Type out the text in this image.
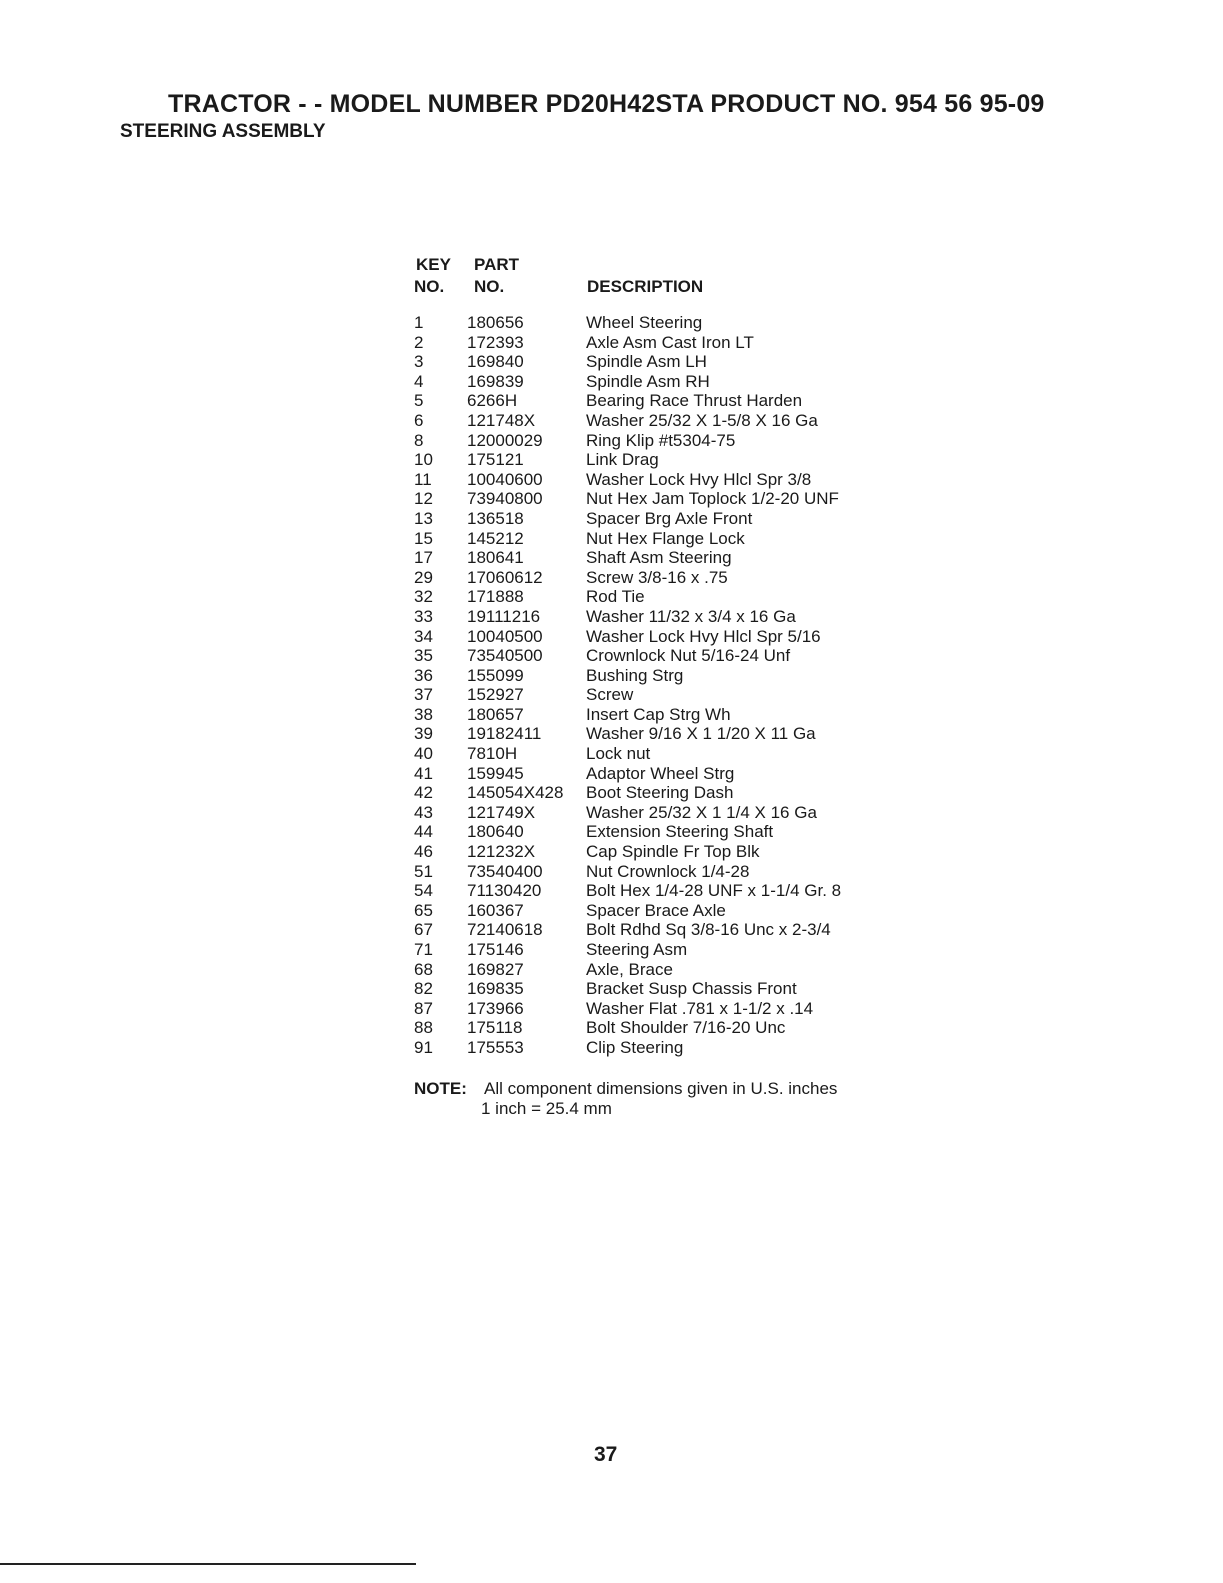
TRACTOR - - MODEL NUMBER PD20H42STA PRODUCT NO. 954 56 95-09
STEERING ASSEMBLY
KEY
NO.
PART
NO.	DESCRIPTION
1	180656	Wheel Steering
2	172393	Axle Asm Cast Iron LT
3	169840	Spindle Asm LH
4	169839	Spindle Asm RH
5	6266H	Bearing Race Thrust Harden
6	121748X	Washer 25/32 X 1-5/8 X 16 Ga
8	12000029	Ring Klip #t5304-75
10 175121	Link Drag
11 10040600	Washer Lock Hvy Hlcl Spr 3/8
12 73940800	Nut Hex Jam Toplock 1/2-20 UNF
13 136518	Spacer Brg Axle Front
15 145212	Nut Hex Flange Lock
17 180641	Shaft Asm Steering
29 17060612	Screw 3/8-16 x .75
32 171888	Rod Tie
33 19111216	Washer 11/32 x 3/4 x 16 Ga
34 10040500	Washer Lock Hvy Hlcl Spr 5/16
35 73540500	Crownlock Nut 5/16-24 Unf
36 155099	Bushing Strg
37 152927	Screw
38 180657	Insert Cap Strg Wh
39 19182411	Washer 9/16 X 1 1/20 X 11 Ga
40 7810H	Lock nut
41 159945	Adaptor Wheel Strg
42 145054X428 Boot Steering Dash
43 121749X	Washer 25/32 X 1 1/4 X 16 Ga
44 180640	Extension Steering Shaft
46 121232X	Cap Spindle Fr Top Blk
51 73540400	Nut Crownlock 1/4-28
54 71130420	Bolt Hex 1/4-28 UNF x 1-1/4 Gr. 8
65 160367	Spacer Brace Axle
67 72140618	Bolt Rdhd Sq 3/8-16 Unc x 2-3/4
71 175146	Steering Asm
68 169827	Axle, Brace
82 169835	Bracket Susp Chassis Front
87 173966	Washer Flat .781 x 1-1/2 x .14
88 175118	Bolt Shoulder 7/16-20 Unc
91 175553	Clip Steering
NOTE: All component dimensions given in U.S. inches
1 inch = 25.4 mm
37
